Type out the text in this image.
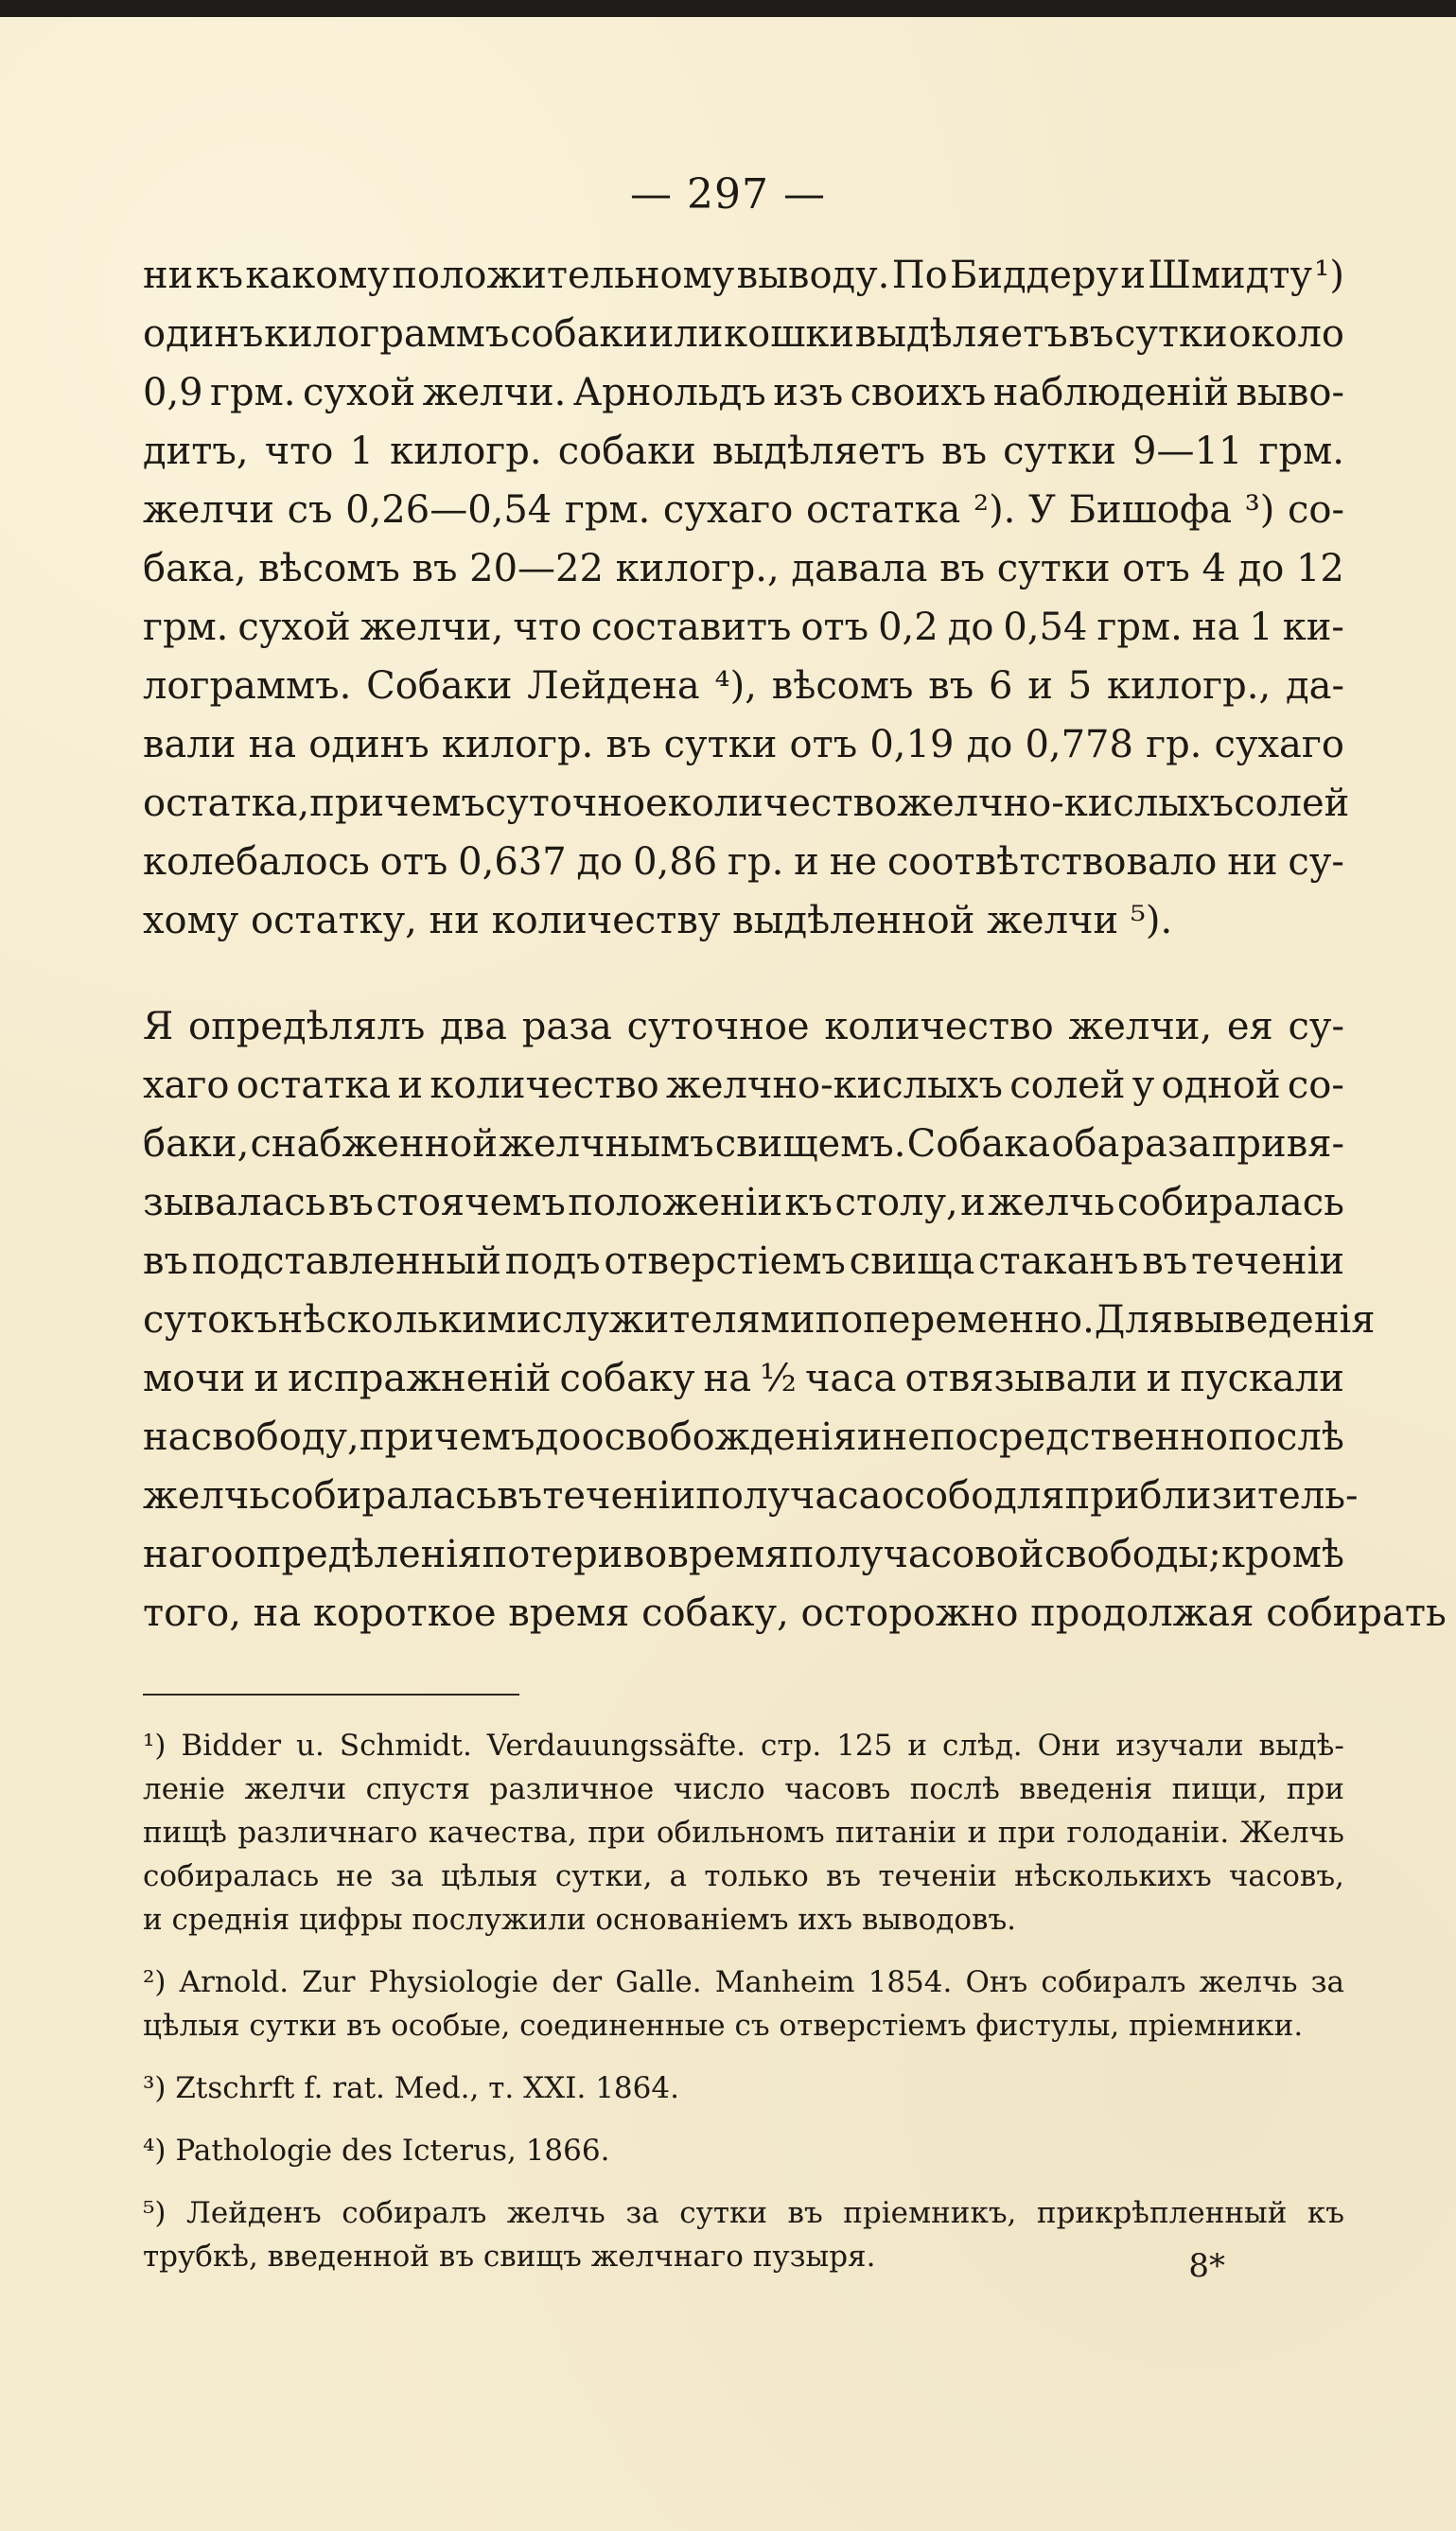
— 297 —
ни къ какому положительному выводу. По Биддеру и Шмидту ¹)
одинъ килограммъ собаки или кошки выдѣляетъ въ сутки около
0,9 грм. сухой желчи. Арнольдъ изъ своихъ наблюденій выво-
дитъ, что 1 килогр. собаки выдѣляетъ въ сутки 9—11 грм.
желчи съ 0,26—0,54 грм. сухаго остатка ²). У Бишофа ³) со-
бака, вѣсомъ въ 20—22 килогр., давала въ сутки отъ 4 до 12
грм. сухой желчи, что составитъ отъ 0,2 до 0,54 грм. на 1 ки-
лограммъ. Собаки Лейдена ⁴), вѣсомъ въ 6 и 5 килогр., да-
вали на одинъ килогр. въ сутки отъ 0,19 до 0,778 гр. сухаго
остатка, причемъ суточное количество желчно-кислыхъ солей
колебалось отъ 0,637 до 0,86 гр. и не соотвѣтствовало ни су-
хому остатку, ни количеству выдѣленной желчи ⁵).
Я опредѣлялъ два раза суточное количество желчи, ея су-
хаго остатка и количество желчно-кислыхъ солей у одной со-
баки, снабженной желчнымъ свищемъ. Собака оба раза привя-
зывалась въ стоячемъ положеніи къ столу, и желчь собиралась
въ подставленный подъ отверстіемъ свища стаканъ въ теченіи
сутокъ нѣсколькими служителями попеременно. Для выведенія
мочи и испражненій собаку на ½ часа отвязывали и пускали
на свободу, причемъ до освобожденія и непосредственно послѣ
желчь собиралась въ теченіи получаса особо для приблизитель-
наго опредѣленія потери во время получасовой свободы; кромѣ
того, на короткое время собаку, осторожно продолжая собирать
¹) Bidder u. Schmidt. Verdauungssäfte. стр. 125 и слѣд. Они изучали выдѣ-
леніе желчи спустя различное число часовъ послѣ введенія пищи, при
пищѣ различнаго качества, при обильномъ питаніи и при голоданіи. Желчь
собиралась не за цѣлыя сутки, а только въ теченіи нѣсколькихъ часовъ,
и среднія цифры послужили основаніемъ ихъ выводовъ.
²) Arnold. Zur Physiologie der Galle. Manheim 1854. Онъ собиралъ желчь за
цѣлыя сутки въ особые, соединенные съ отверстіемъ фистулы, пріемники.
³) Ztschrft f. rat. Med., т. XXI. 1864.
⁴) Pathologie des Icterus, 1866.
⁵) Лейденъ собиралъ желчь за сутки въ пріемникъ, прикрѣпленный къ
трубкѣ, введенной въ свищъ желчнаго пузыря.	8*
